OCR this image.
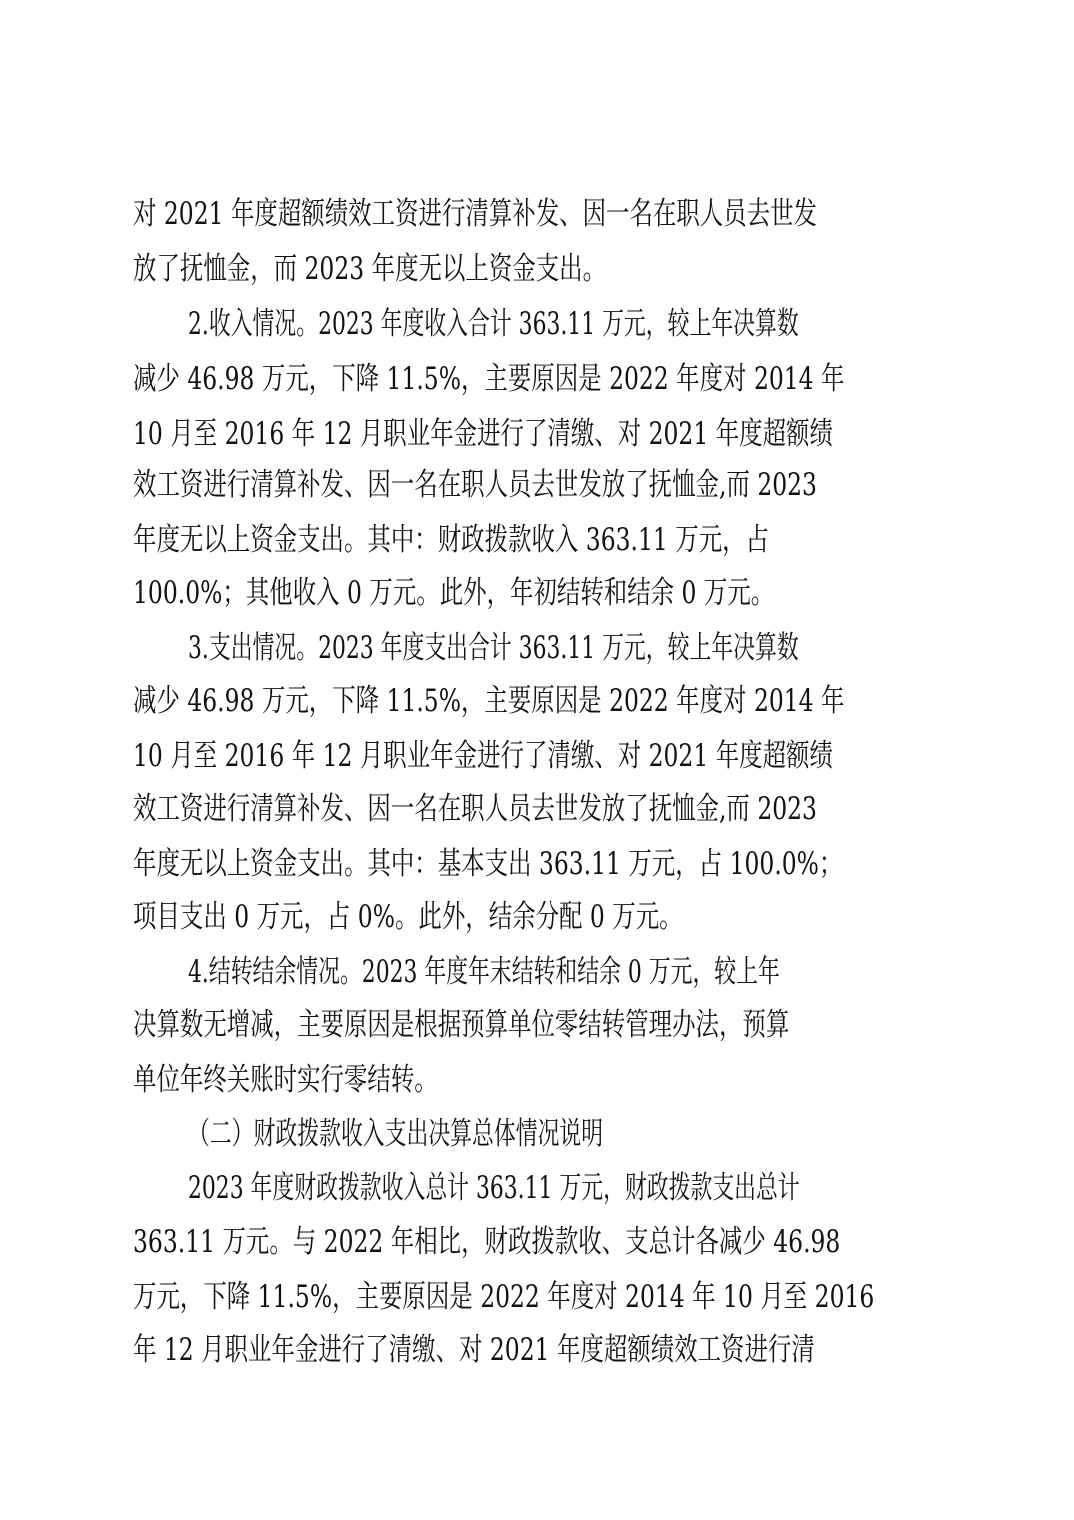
对 2021 年度超额绩效工资进行清算补发、因一名在职人员去世发
放了抚恤金，而 2023 年度无以上资金支出。
2.收入情况。2023 年度收入合计 363.11 万元，较上年决算数
减少 46.98 万元，下降 11.5%，主要原因是 2022 年度对 2014 年
10 月至 2016 年 12 月职业年金进行了清缴、对 2021 年度超额绩
效工资进行清算补发、因一名在职人员去世发放了抚恤金,而 2023
年度无以上资金支出。其中：财政拨款收入 363.11 万元，占
100.0%；其他收入 0 万元。此外，年初结转和结余 0 万元。
3.支出情况。2023 年度支出合计 363.11 万元，较上年决算数
减少 46.98 万元，下降 11.5%，主要原因是 2022 年度对 2014 年
10 月至 2016 年 12 月职业年金进行了清缴、对 2021 年度超额绩
效工资进行清算补发、因一名在职人员去世发放了抚恤金,而 2023
年度无以上资金支出。其中：基本支出 363.11 万元，占 100.0%；
项目支出 0 万元，占 0%。此外，结余分配 0 万元。
4.结转结余情况。2023 年度年末结转和结余 0 万元，较上年
决算数无增减，主要原因是根据预算单位零结转管理办法，预算
单位年终关账时实行零结转。
（二）财政拨款收入支出决算总体情况说明
2023 年度财政拨款收入总计 363.11 万元，财政拨款支出总计
363.11 万元。与 2022 年相比，财政拨款收、支总计各减少 46.98
万元，下降 11.5%，主要原因是 2022 年度对 2014 年 10 月至 2016
年 12 月职业年金进行了清缴、对 2021 年度超额绩效工资进行清
